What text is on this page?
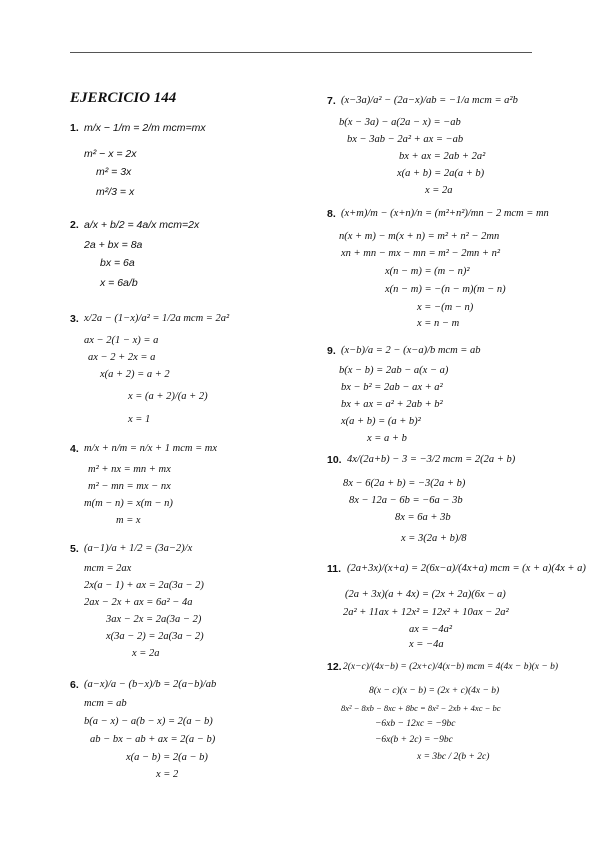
EJERCICIO 144
1. m/x − 1/m = 2/m mcm=mx
m² − x = 2x
m² = 3x
m²/3 = x
2. a/x + b/2 = 4a/x mcm=2x
2a + bx = 8a
bx = 6a
x = 6a/b
3. x/2a − (1−x)/a² = 1/2a mcm = 2a²
ax − 2(1 − x) = a
ax − 2 + 2x = a
x(a + 2) = a + 2
x = (a + 2)/(a + 2)
x = 1
4. m/x + n/m = n/x + 1 mcm = mx
m² + nx = mn + mx
m² − mn = mx − nx
m(m − n) = x(m − n)
m = x
5. (a−1)/a + 1/2 = (3a−2)/x
mcm = 2ax
2x(a − 1) + ax = 2a(3a − 2)
2ax − 2x + ax = 6a² − 4a
3ax − 2x = 2a(3a − 2)
x(3a − 2) = 2a(3a − 2)
x = 2a
6. (a−x)/a − (b−x)/b = 2(a−b)/ab
mcm = ab
b(a − x) − a(b − x) = 2(a − b)
ab − bx − ab + ax = 2(a − b)
x(a − b) = 2(a − b)
x = 2
7. (x−3a)/a² − (2a−x)/ab = −1/a mcm = a²b
b(x − 3a) − a(2a − x) = −ab
bx − 3ab − 2a² + ax = −ab
bx + ax = 2ab + 2a²
x(a + b) = 2a(a + b)
x = 2a
8. (x+m)/m − (x+n)/n = (m²+n²)/mn − 2 mcm = mn
n(x + m) − m(x + n) = m² + n² − 2mn
xn + mn − mx − mn = m² − 2mn + n²
x(n − m) = (m − n)²
x(n − m) = −(n − m)(m − n)
x = −(m − n)
x = n − m
9. (x−b)/a = 2 − (x−a)/b mcm = ab
b(x − b) = 2ab − a(x − a)
bx − b² = 2ab − ax + a²
bx + ax = a² + 2ab + b²
x(a + b) = (a + b)²
x = a + b
10. 4x/(2a+b) − 3 = −3/2 mcm = 2(2a + b)
8x − 6(2a + b) = −3(2a + b)
8x − 12a − 6b = −6a − 3b
8x = 6a + 3b
x = 3(2a + b)/8
11. (2a+3x)/(x+a) = 2(6x−a)/(4x+a) mcm = (x + a)(4x + a)
(2a + 3x)(a + 4x) = (2x + 2a)(6x − a)
2a² + 11ax + 12x² = 12x² + 10ax − 2a²
ax = −4a²
x = −4a
12. 2(x−c)/(4x−b) = (2x+c)/4(x−b) mcm = 4(4x − b)(x − b)
8(x − c)(x − b) = (2x + c)(4x − b)
8x² − 8xb − 8xc + 8bc = 8x² − 2xb + 4xc − bc
−6xb − 12xc = −9bc
−6x(b + 2c) = −9bc
x = 3bc / 2(b + 2c)
